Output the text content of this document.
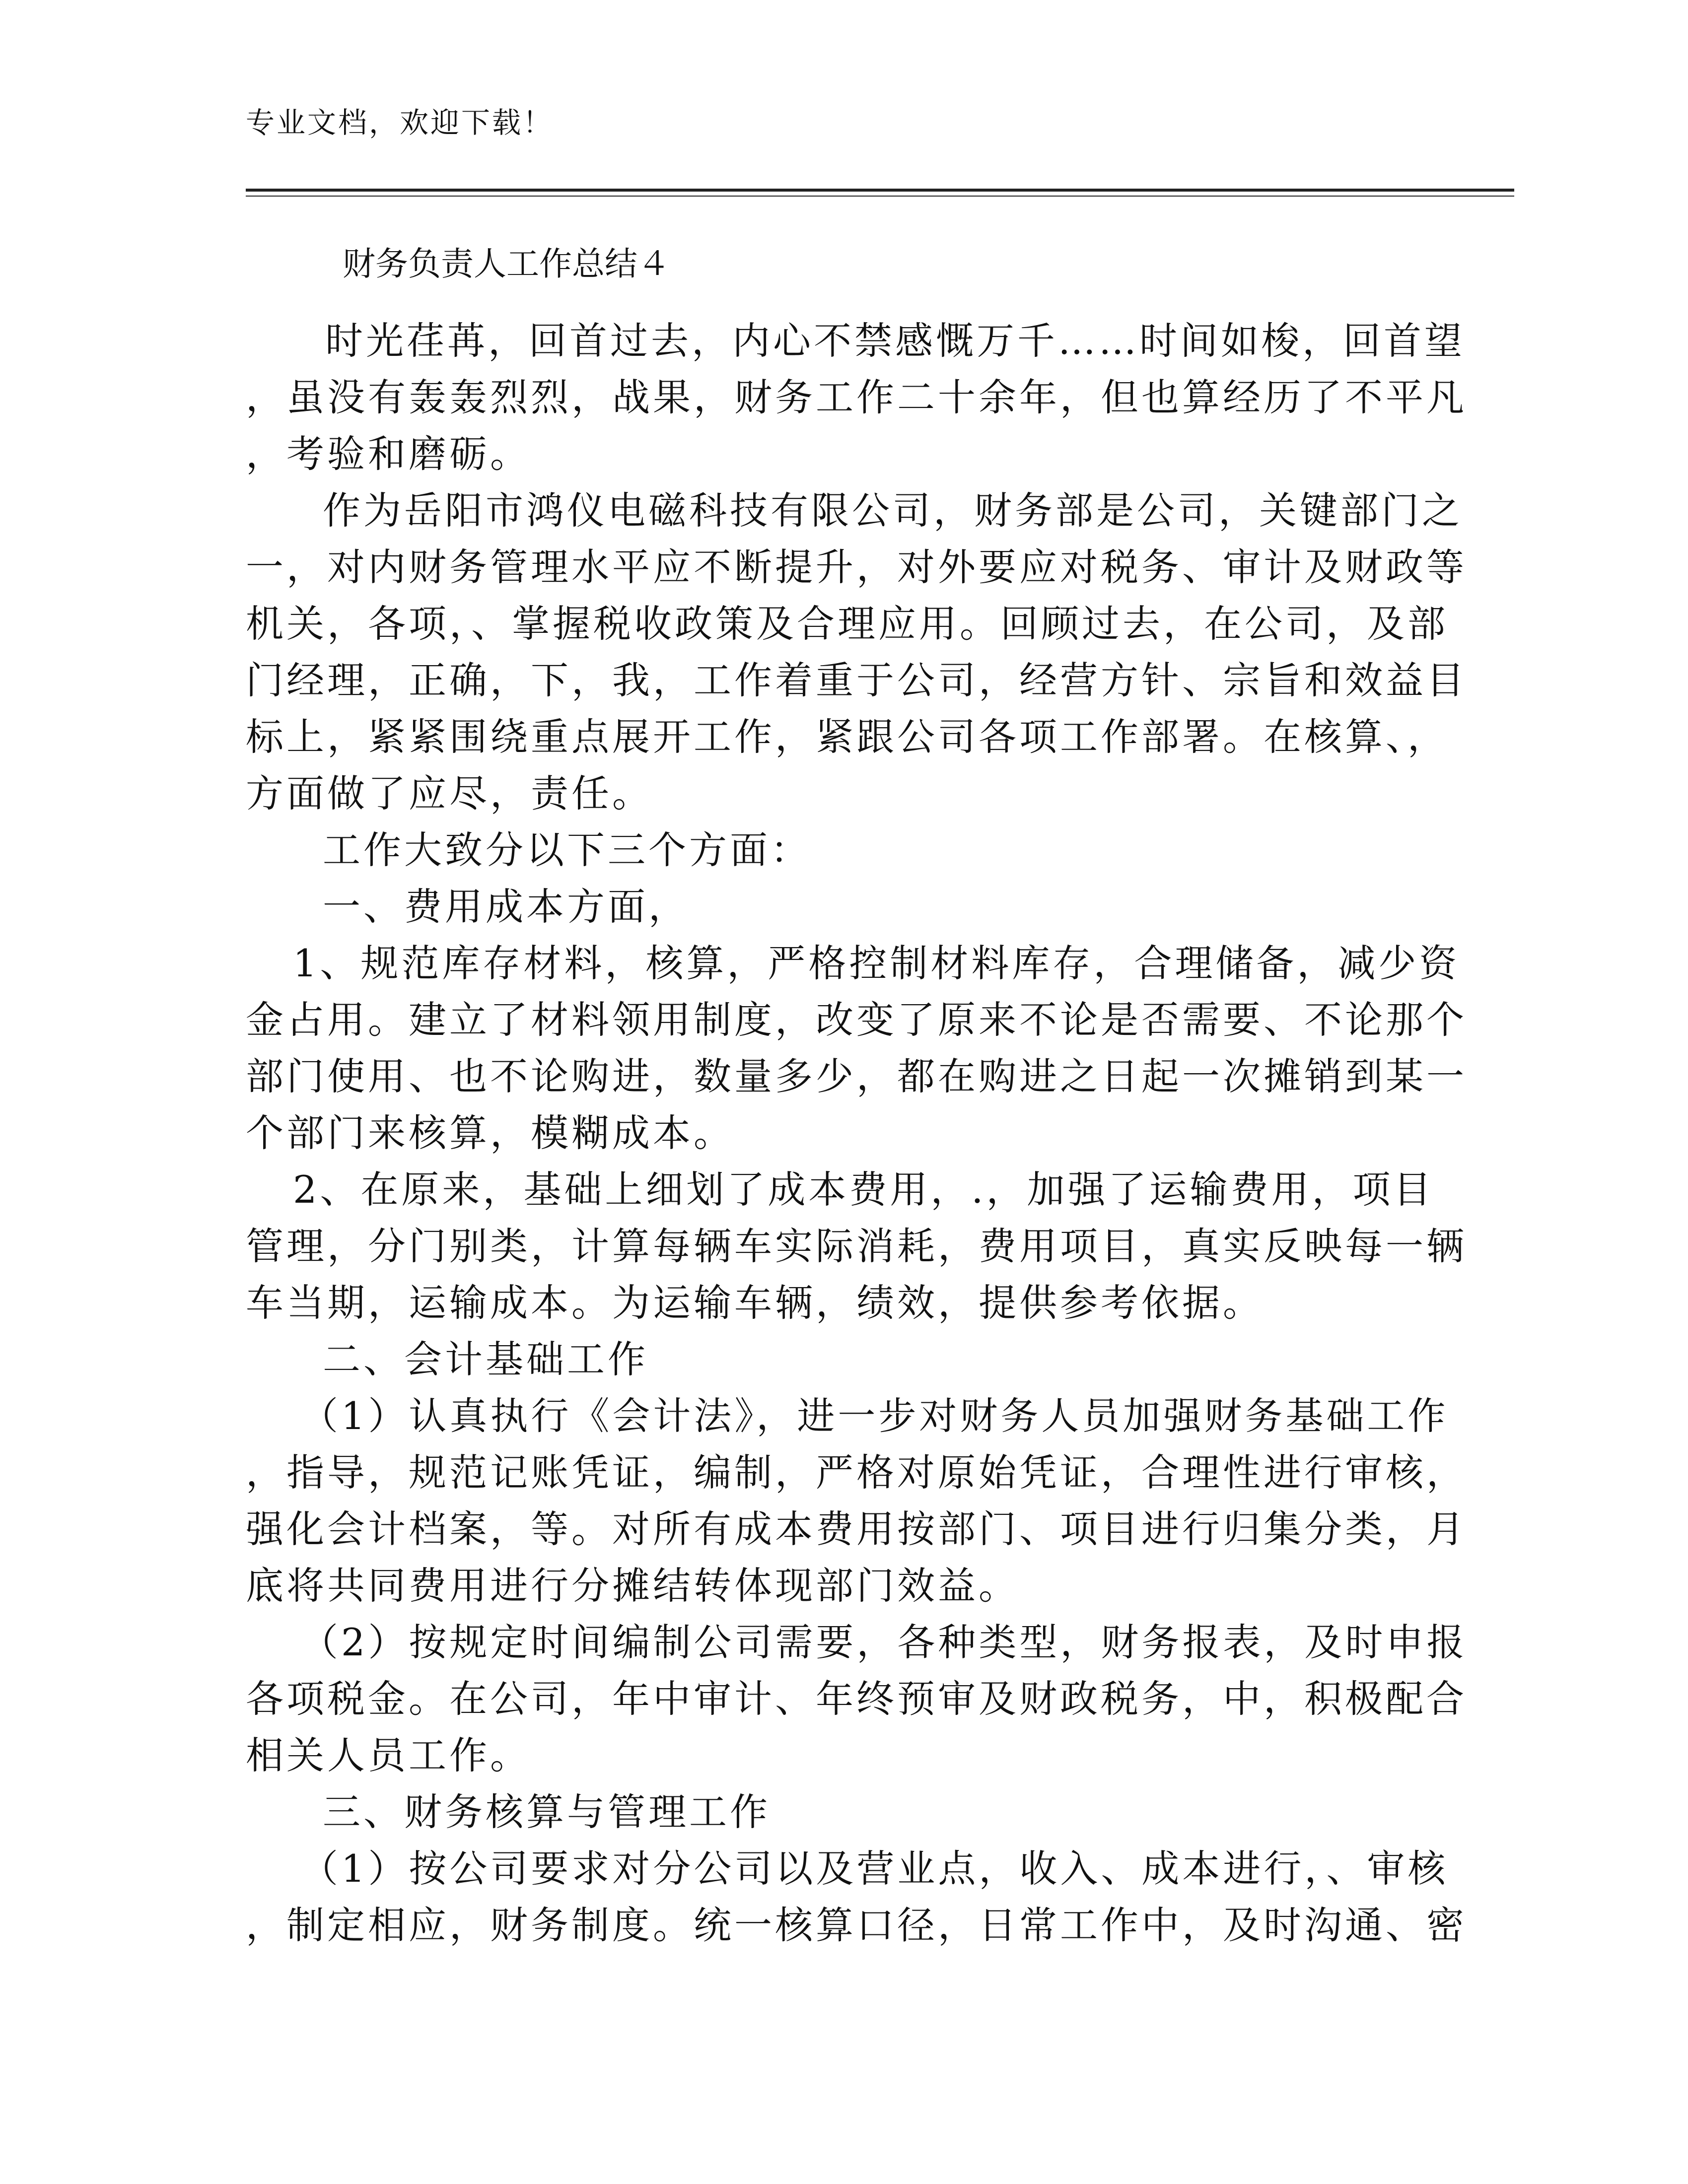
专业文档，欢迎下载！
财务负责人工作总结４
时光荏苒，回首过去，内心不禁感慨万千……时间如梭，回首望
，虽没有轰轰烈烈，战果，财务工作二十余年，但也算经历了不平凡
，考验和磨砺。
作为岳阳市鸿仪电磁科技有限公司，财务部是公司，关键部门之
一，对内财务管理水平应不断提升，对外要应对税务、审计及财政等
机关，各项，、掌握税收政策及合理应用。回顾过去，在公司，及部
门经理，正确，下，我，工作着重于公司，经营方针、宗旨和效益目
标上，紧紧围绕重点展开工作，紧跟公司各项工作部署。在核算、，
方面做了应尽，责任。
工作大致分以下三个方面：
一、费用成本方面，
1、规范库存材料，核算，严格控制材料库存，合理储备，减少资
金占用。建立了材料领用制度，改变了原来不论是否需要、不论那个
部门使用、也不论购进，数量多少，都在购进之日起一次摊销到某一
个部门来核算，模糊成本。
2、在原来，基础上细划了成本费用，.，加强了运输费用，项目
管理，分门别类，计算每辆车实际消耗，费用项目，真实反映每一辆
车当期，运输成本。为运输车辆，绩效，提供参考依据。
二、会计基础工作
（1）认真执行《会计法》，进一步对财务人员加强财务基础工作
，指导，规范记账凭证，编制，严格对原始凭证，合理性进行审核，
强化会计档案，等。对所有成本费用按部门、项目进行归集分类，月
底将共同费用进行分摊结转体现部门效益。
（2）按规定时间编制公司需要，各种类型，财务报表，及时申报
各项税金。在公司，年中审计、年终预审及财政税务，中，积极配合
相关人员工作。
三、财务核算与管理工作
（1）按公司要求对分公司以及营业点，收入、成本进行，、审核
，制定相应，财务制度。统一核算口径，日常工作中，及时沟通、密
